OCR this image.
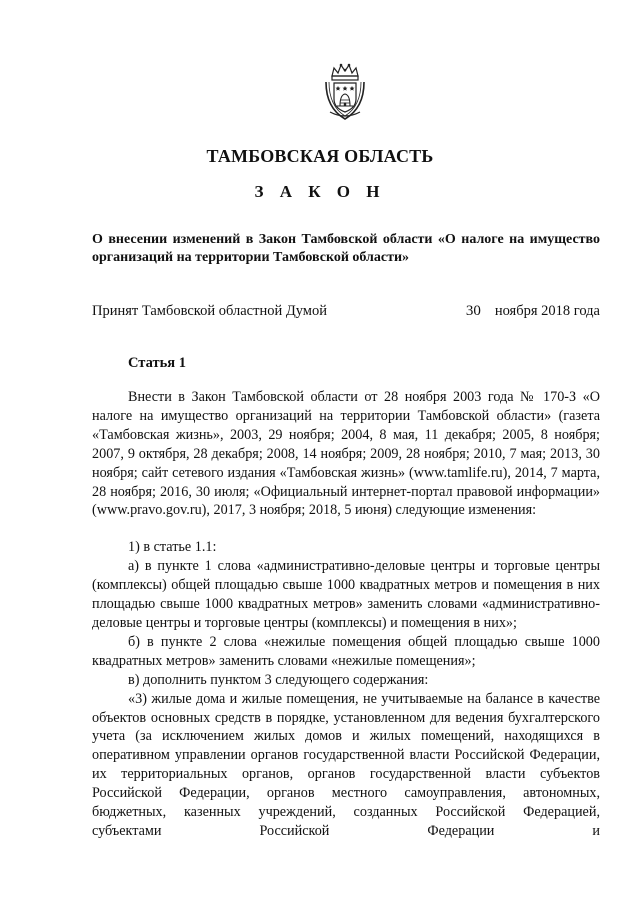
ТАМБОВСКАЯ ОБЛАСТЬ
З А К О Н
О внесении изменений в Закон Тамбовской области «О налоге на имущество организаций на территории Тамбовской области»
Принят Тамбовской областной Думой	30 ноября 2018 года
Статья 1

Внести в Закон Тамбовской области от 28 ноября 2003 года № 170-З «О налоге на имущество организаций на территории Тамбовской области» (газета «Тамбовская жизнь», 2003, 29 ноября; 2004, 8 мая, 11 декабря; 2005, 8 ноября; 2007, 9 октября, 28 декабря; 2008, 14 ноября; 2009, 28 ноября; 2010, 7 мая; 2013, 30 ноября; сайт сетевого издания «Тамбовская жизнь» (www.tamlife.ru), 2014, 7 марта, 28 ноября; 2016, 30 июля; «Официальный интернет-портал правовой информации» (www.pravo.gov.ru), 2017, 3 ноября; 2018, 5 июня) следующие изменения:

1) в статье 1.1:

а) в пункте 1 слова «административно-деловые центры и торговые центры (комплексы) общей площадью свыше 1000 квадратных метров и помещения в них площадью свыше 1000 квадратных метров» заменить словами «административно-деловые центры и торговые центры (комплексы) и помещения в них»;

б) в пункте 2 слова «нежилые помещения общей площадью свыше 1000 квадратных метров» заменить словами «нежилые помещения»;

в) дополнить пунктом 3 следующего содержания:

«3) жилые дома и жилые помещения, не учитываемые на балансе в качестве объектов основных средств в порядке, установленном для ведения бухгалтерского учета (за исключением жилых домов и жилых помещений, находящихся в оперативном управлении органов государственной власти Российской Федерации, их территориальных органов, органов государственной власти субъектов Российской Федерации, органов местного самоуправления, автономных, бюджетных, казенных учреждений, созданных Российской Федерацией, субъектами Российской Федерации и
